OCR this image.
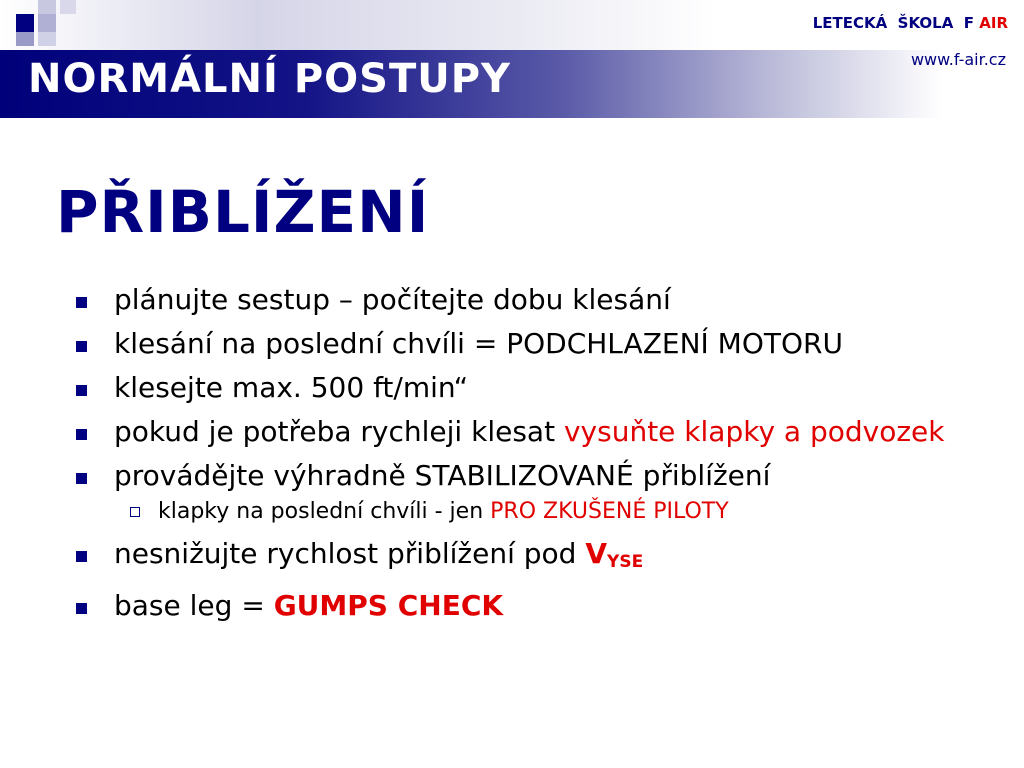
NORMÁLNÍ POSTUPY
LETECKÁ  ŠKOLA  F AIR
www.f-air.cz
PŘIBLÍŽENÍ
plánujte sestup – počítejte dobu klesání
klesání na poslední chvíli = PODCHLAZENÍ MOTORU
klesejte max. 500 ft/min“
pokud je potřeba rychleji klesat vysuňte klapky a podvozek
provádějte výhradně STABILIZOVANÉ přiblížení
klapky na poslední chvíli - jen PRO ZKUŠENÉ PILOTY
nesnižujte rychlost přiblížení pod $V_{YSE}$
base leg = GUMPS CHECK
